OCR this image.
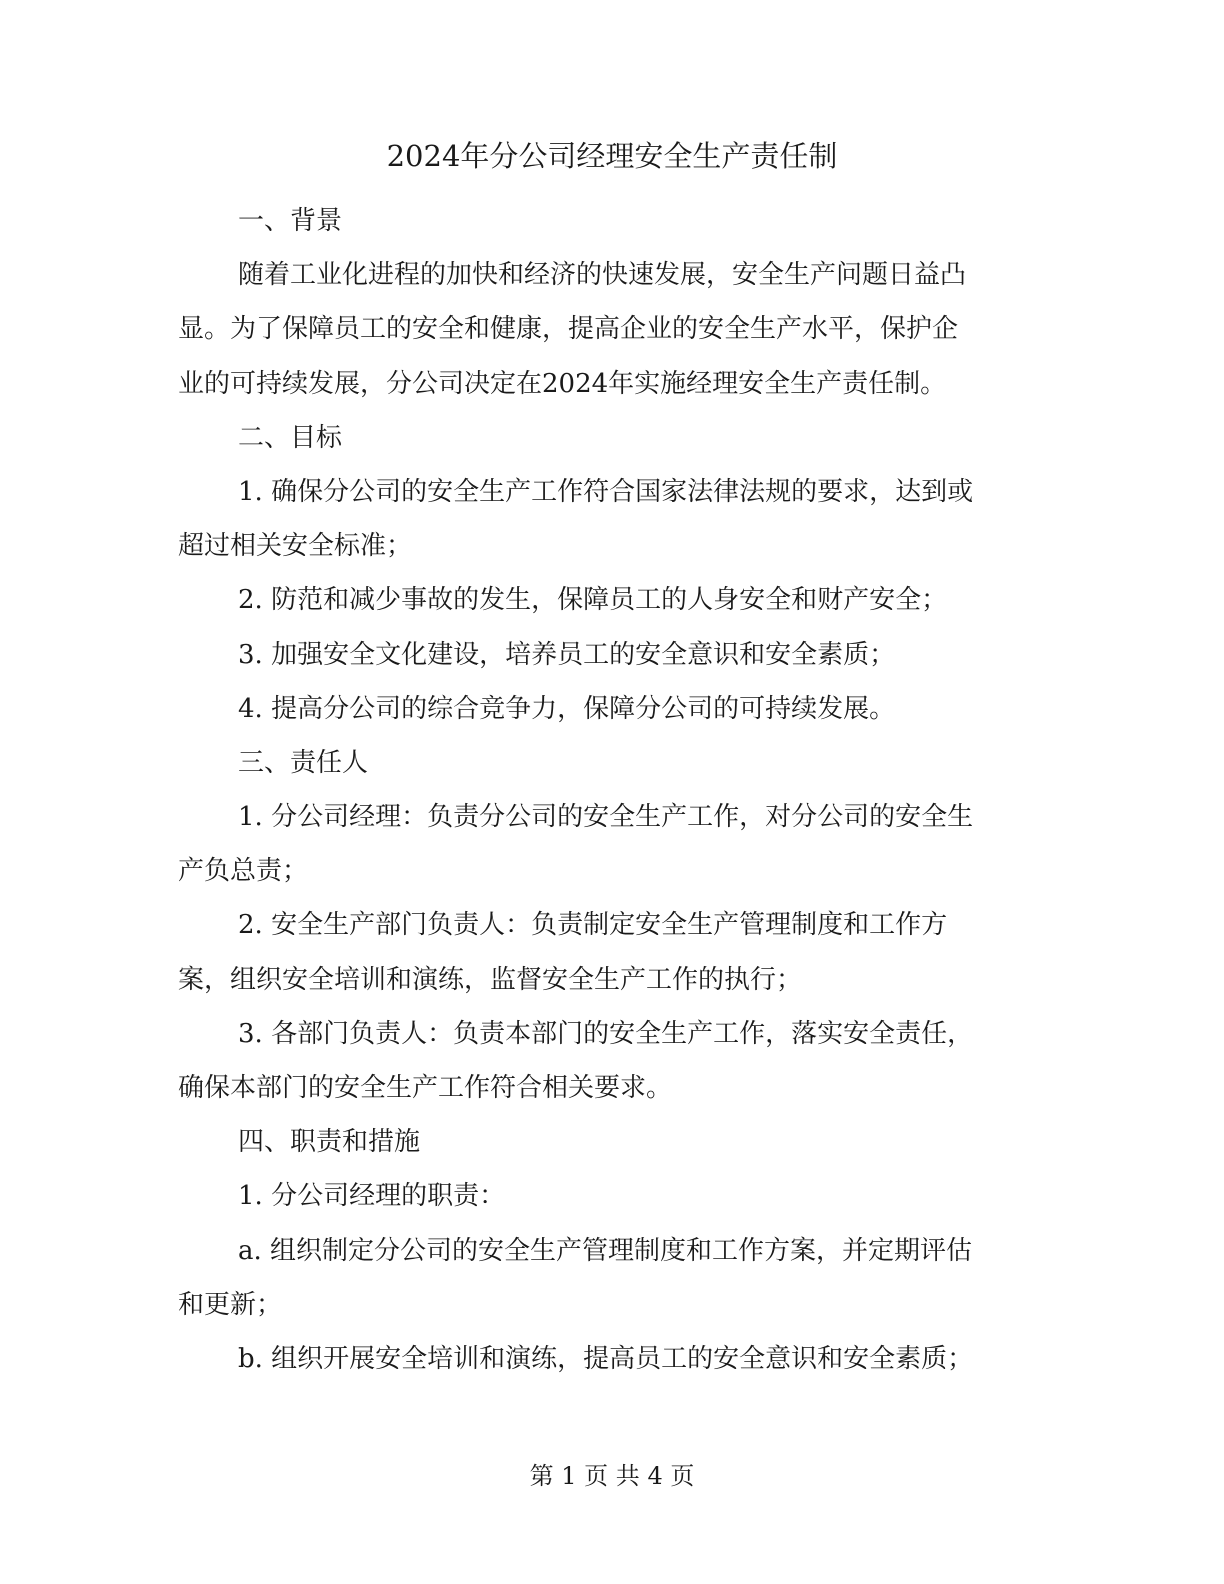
2024年分公司经理安全生产责任制
一、背景
随着工业化进程的加快和经济的快速发展，安全生产问题日益凸
显。为了保障员工的安全和健康，提高企业的安全生产水平，保护企
业的可持续发展，分公司决定在2024年实施经理安全生产责任制。
二、目标
1. 确保分公司的安全生产工作符合国家法律法规的要求，达到或
超过相关安全标准；
2. 防范和减少事故的发生，保障员工的人身安全和财产安全；
3. 加强安全文化建设，培养员工的安全意识和安全素质；
4. 提高分公司的综合竞争力，保障分公司的可持续发展。
三、责任人
1. 分公司经理：负责分公司的安全生产工作，对分公司的安全生
产负总责；
2. 安全生产部门负责人：负责制定安全生产管理制度和工作方
案，组织安全培训和演练，监督安全生产工作的执行；
3. 各部门负责人：负责本部门的安全生产工作，落实安全责任，
确保本部门的安全生产工作符合相关要求。
四、职责和措施
1. 分公司经理的职责：
a. 组织制定分公司的安全生产管理制度和工作方案，并定期评估
和更新；
b. 组织开展安全培训和演练，提高员工的安全意识和安全素质；
第 1 页 共 4 页
